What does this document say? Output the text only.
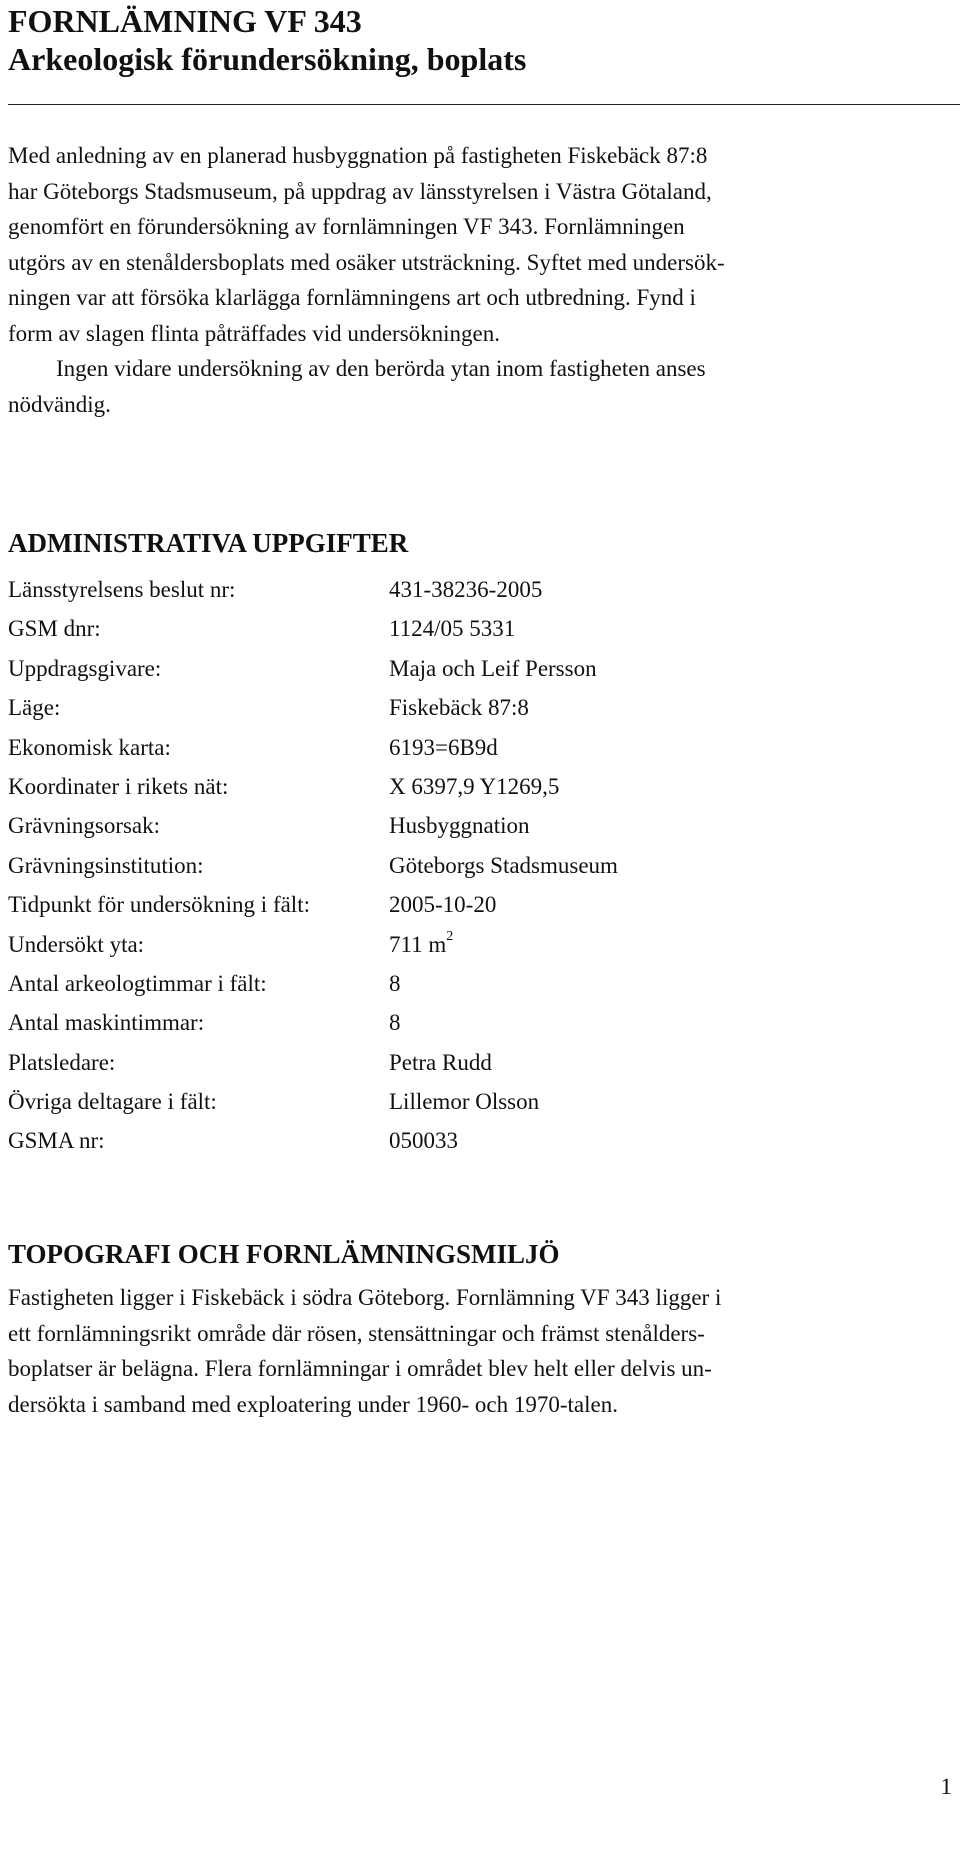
FORNLÄMNING VF 343
Arkeologisk förundersökning, boplats

Med anledning av en planerad husbyggnation på fastigheten Fiskebäck 87:8
har Göteborgs Stadsmuseum, på uppdrag av länsstyrelsen i Västra Götaland,
genomfört en förundersökning av fornlämningen VF 343. Fornlämningen
utgörs av en stenåldersboplats med osäker utsträckning. Syftet med undersök-
ningen var att försöka klarlägga fornlämningens art och utbredning. Fynd i
form av slagen flinta påträffades vid undersökningen.
Ingen vidare undersökning av den berörda ytan inom fastigheten anses
nödvändig.

ADMINISTRATIVA UPPGIFTER
Länsstyrelsens beslut nr:	431-38236-2005
GSM dnr:	1124/05 5331
Uppdragsgivare:	Maja och Leif Persson
Läge:	Fiskebäck 87:8
Ekonomisk karta:	6193=6B9d
Koordinater i rikets nät:	X 6397,9 Y1269,5
Grävningsorsak:	Husbyggnation
Grävningsinstitution:	Göteborgs Stadsmuseum
Tidpunkt för undersökning i fält:	2005-10-20
Undersökt yta:	711 $m^2$
Antal arkeologtimmar i fält:	8
Antal maskintimmar:	8
Platsledare:	Petra Rudd
Övriga deltagare i fält:	Lillemor Olsson
GSMA nr:	050033
TOPOGRAFI OCH FORNLÄMNINGSMILJÖ

Fastigheten ligger i Fiskebäck i södra Göteborg. Fornlämning VF 343 ligger i
ett fornlämningsrikt område där rösen, stensättningar och främst stenålders-
boplatser är belägna. Flera fornlämningar i området blev helt eller delvis un-
dersökta i samband med exploatering under 1960- och 1970-talen.

1
